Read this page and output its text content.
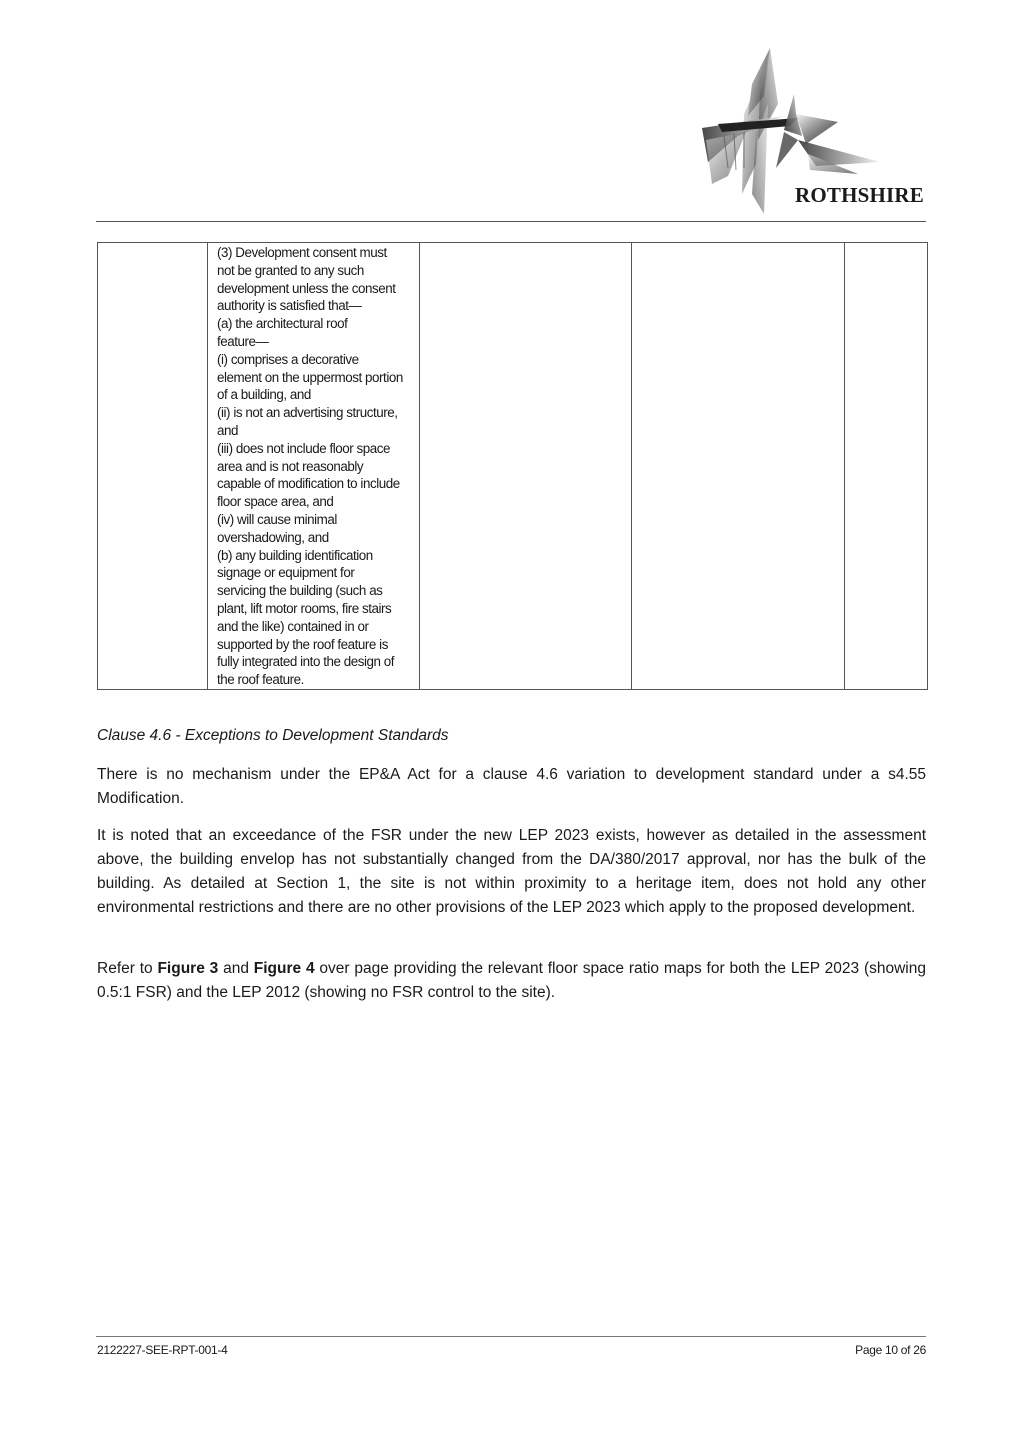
ROTHSHIRE

(3) Development consent must
not be granted to any such
development unless the consent
authority is satisfied that—
(a) the architectural roof
feature—
(i) comprises a decorative
element on the uppermost portion
of a building, and
(ii) is not an advertising structure,
and
(iii) does not include floor space
area and is not reasonably
capable of modification to include
floor space area, and
(iv) will cause minimal
overshadowing, and
(b) any building identification
signage or equipment for
servicing the building (such as
plant, lift motor rooms, fire stairs
and the like) contained in or
supported by the roof feature is
fully integrated into the design of
the roof feature.

Clause 4.6 - Exceptions to Development Standards

There is no mechanism under the EP&A Act for a clause 4.6 variation to development standard under a s4.55 Modification.

It is noted that an exceedance of the FSR under the new LEP 2023 exists, however as detailed in the assessment above, the building envelop has not substantially changed from the DA/380/2017 approval, nor has the bulk of the building. As detailed at Section 1, the site is not within proximity to a heritage item, does not hold any other environmental restrictions and there are no other provisions of the LEP 2023 which apply to the proposed development.

Refer to Figure 3 and Figure 4 over page providing the relevant floor space ratio maps for both the LEP 2023 (showing 0.5:1 FSR) and the LEP 2012 (showing no FSR control to the site).

2122227-SEE-RPT-001-4	Page 10 of 26
